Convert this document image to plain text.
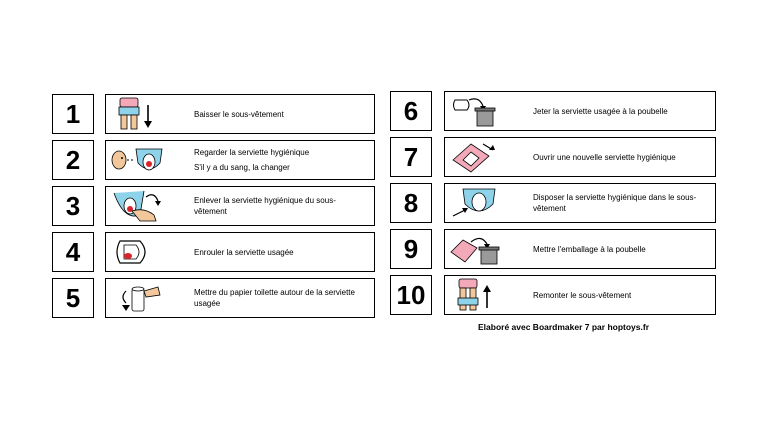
1	Baisser le sous-vêtement
2	Regarder la serviette hygiénique
S'il y a du sang, la changer
3	Enlever la serviette hygiénique du sous-vêtement
4	Enrouler la serviette usagée
5	Mettre du papier toilette autour de la serviette usagée
6	Jeter la serviette usagée à la poubelle
7	Ouvrir une nouvelle serviette hygiénique
8	Disposer la serviette hygiénique dans le sous-vêtement
9	Mettre l'emballage à la poubelle
10	Remonter le sous-vêtement
Elaboré avec Boardmaker 7 par hoptoys.fr
